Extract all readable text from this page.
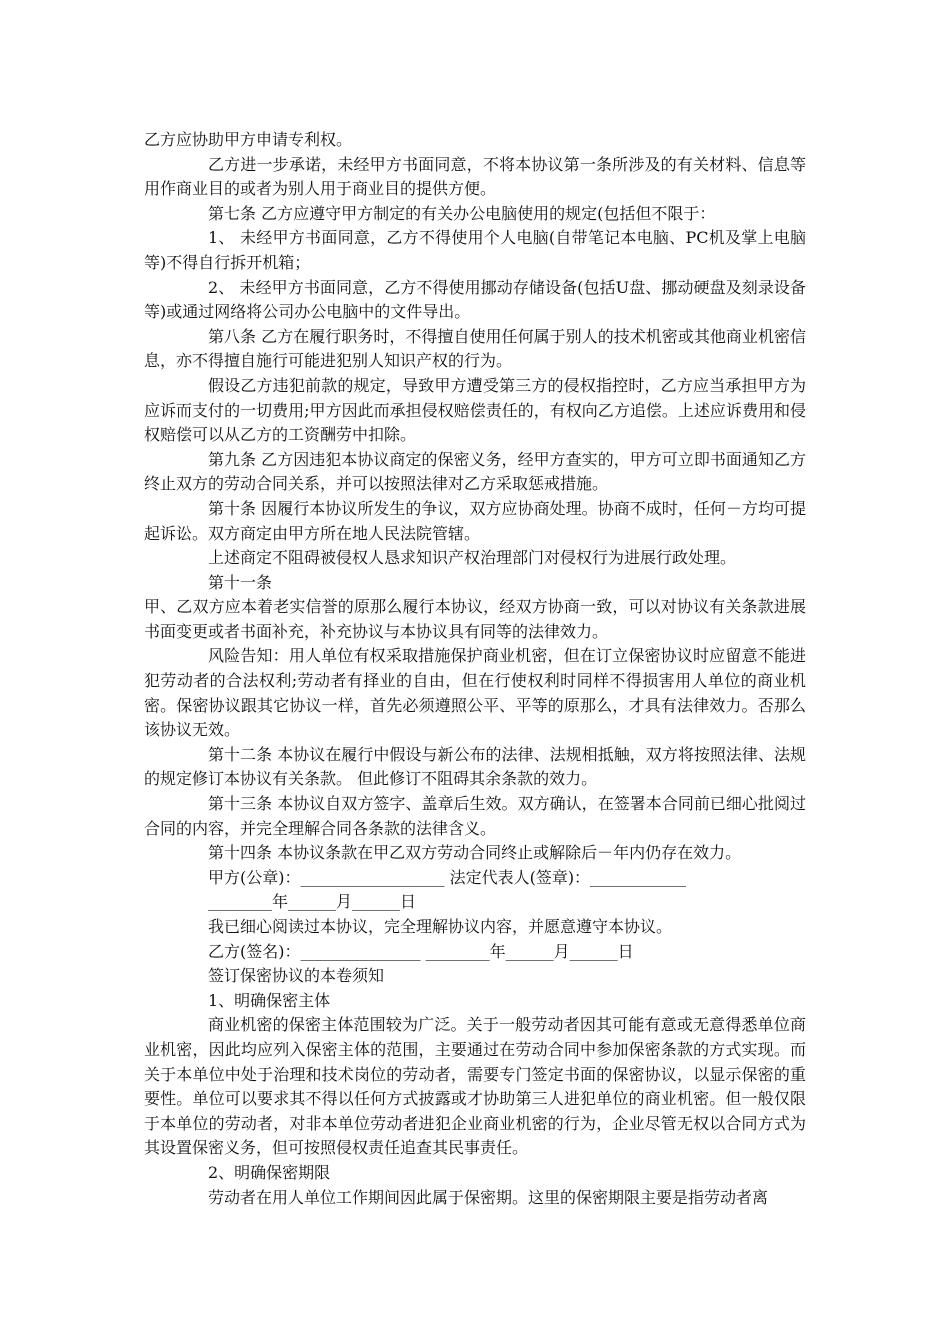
乙方应协助甲方申请专利权。

乙方进一步承诺，未经甲方书面同意，不将本协议第一条所涉及的有关材料、信息等用作商业目的或者为别人用于商业目的提供方便。

第七条 乙方应遵守甲方制定的有关办公电脑使用的规定(包括但不限于：

1、 未经甲方书面同意，乙方不得使用个人电脑(自带笔记本电脑、PC机及掌上电脑等)不得自行拆开机箱；

2、 未经甲方书面同意，乙方不得使用挪动存储设备(包括U盘、挪动硬盘及刻录设备等)或通过网络将公司办公电脑中的文件导出。

第八条 乙方在履行职务时，不得擅自使用任何属于别人的技术机密或其他商业机密信息，亦不得擅自施行可能进犯别人知识产权的行为。

假设乙方违犯前款的规定，导致甲方遭受第三方的侵权指控时，乙方应当承担甲方为应诉而支付的一切费用;甲方因此而承担侵权赔偿责任的，有权向乙方追偿。上述应诉费用和侵权赔偿可以从乙方的工资酬劳中扣除。

第九条 乙方因违犯本协议商定的保密义务，经甲方查实的，甲方可立即书面通知乙方终止双方的劳动合同关系，并可以按照法律对乙方采取惩戒措施。

第十条 因履行本协议所发生的争议，双方应协商处理。协商不成时，任何－方均可提起诉讼。双方商定由甲方所在地人民法院管辖。

上述商定不阻碍被侵权人恳求知识产权治理部门对侵权行为进展行政处理。

第十一条

甲、乙双方应本着老实信誉的原那么履行本协议，经双方协商一致，可以对协议有关条款进展书面变更或者书面补充，补充协议与本协议具有同等的法律效力。

风险告知：用人单位有权采取措施保护商业机密，但在订立保密协议时应留意不能进犯劳动者的合法权利;劳动者有择业的自由，但在行使权利时同样不得损害用人单位的商业机密。保密协议跟其它协议一样，首先必须遵照公平、平等的原那么，才具有法律效力。否那么该协议无效。

第十二条 本协议在履行中假设与新公布的法律、法规相抵触，双方将按照法律、法规的规定修订本协议有关条款。 但此修订不阻碍其余条款的效力。

第十三条 本协议自双方签字、盖章后生效。双方确认，在签署本合同前已细心批阅过合同的内容，并完全理解合同各条款的法律含义。

第十四条 本协议条款在甲乙双方劳动合同终止或解除后－年内仍存在效力。

甲方(公章)：__________________ 法定代表人(签章)：____________

________年______月______日

我已细心阅读过本协议，完全理解协议内容，并愿意遵守本协议。

乙方(签名)：_______________ ________年______月______日

签订保密协议的本卷须知

1、明确保密主体

商业机密的保密主体范围较为广泛。关于一般劳动者因其可能有意或无意得悉单位商业机密，因此均应列入保密主体的范围，主要通过在劳动合同中参加保密条款的方式实现。而关于本单位中处于治理和技术岗位的劳动者，需要专门签定书面的保密协议，以显示保密的重要性。单位可以要求其不得以任何方式披露或才协助第三人进犯单位的商业机密。但一般仅限于本单位的劳动者，对非本单位劳动者进犯企业商业机密的行为，企业尽管无权以合同方式为其设置保密义务，但可按照侵权责任追查其民事责任。

2、明确保密期限

劳动者在用人单位工作期间因此属于保密期。这里的保密期限主要是指劳动者离
